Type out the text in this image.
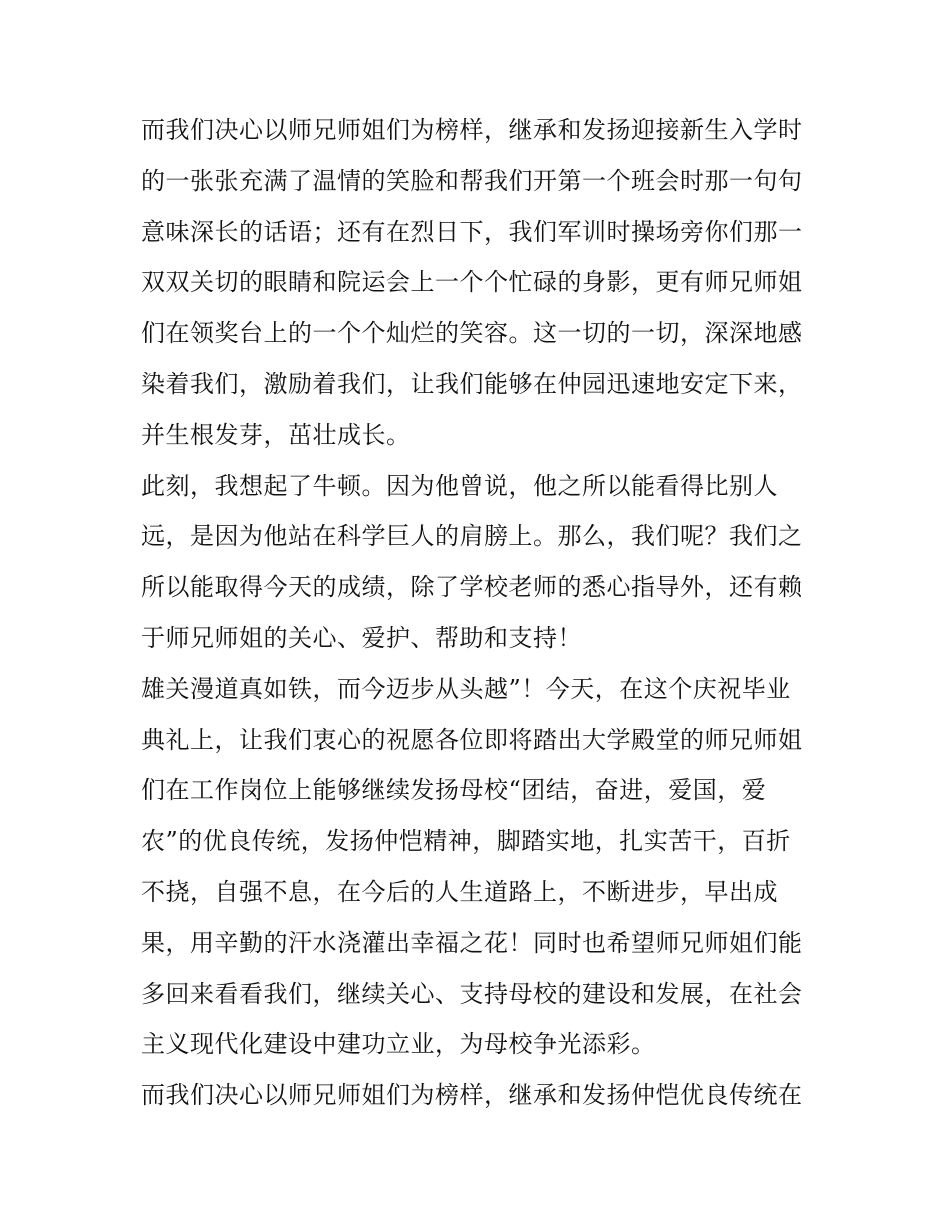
而我们决心以师兄师姐们为榜样，继承和发扬迎接新生入学时
的一张张充满了温情的笑脸和帮我们开第一个班会时那一句句
意味深长的话语；还有在烈日下，我们军训时操场旁你们那一
双双关切的眼睛和院运会上一个个忙碌的身影，更有师兄师姐
们在领奖台上的一个个灿烂的笑容。这一切的一切，深深地感
染着我们，激励着我们，让我们能够在仲园迅速地安定下来，
并生根发芽，茁壮成长。
此刻，我想起了牛顿。因为他曾说，他之所以能看得比别人
远，是因为他站在科学巨人的肩膀上。那么，我们呢？我们之
所以能取得今天的成绩，除了学校老师的悉心指导外，还有赖
于师兄师姐的关心、爱护、帮助和支持！
雄关漫道真如铁，而今迈步从头越”！今天，在这个庆祝毕业
典礼上，让我们衷心的祝愿各位即将踏出大学殿堂的师兄师姐
们在工作岗位上能够继续发扬母校“团结，奋进，爱国，爱
农”的优良传统，发扬仲恺精神，脚踏实地，扎实苦干，百折
不挠，自强不息，在今后的人生道路上，不断进步，早出成
果，用辛勤的汗水浇灌出幸福之花！同时也希望师兄师姐们能
多回来看看我们，继续关心、支持母校的建设和发展，在社会
主义现代化建设中建功立业，为母校争光添彩。
而我们决心以师兄师姐们为榜样，继承和发扬仲恺优良传统在
